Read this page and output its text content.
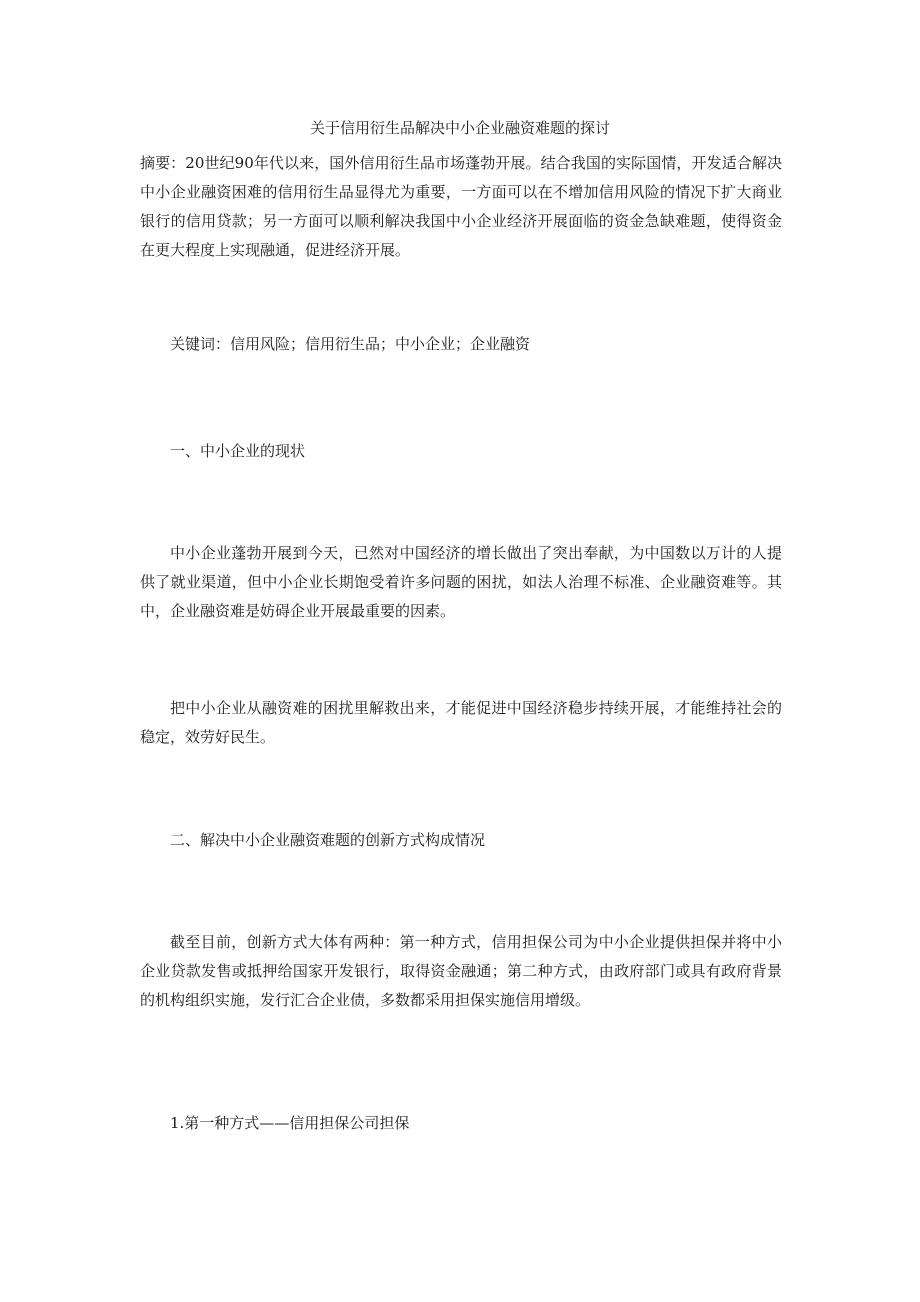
关于信用衍生品解决中小企业融资难题的探讨

摘要：20世纪90年代以来，国外信用衍生品市场蓬勃开展。结合我国的实际国情，开发适合解决中小企业融资困难的信用衍生品显得尤为重要，一方面可以在不增加信用风险的情况下扩大商业银行的信用贷款；另一方面可以顺利解决我国中小企业经济开展面临的资金急缺难题，使得资金在更大程度上实现融通，促进经济开展。

关键词：信用风险；信用衍生品；中小企业；企业融资

一、中小企业的现状

中小企业蓬勃开展到今天，已然对中国经济的增长做出了突出奉献，为中国数以万计的人提供了就业渠道，但中小企业长期饱受着许多问题的困扰，如法人治理不标准、企业融资难等。其中，企业融资难是妨碍企业开展最重要的因素。

把中小企业从融资难的困扰里解救出来，才能促进中国经济稳步持续开展，才能维持社会的稳定，效劳好民生。

二、解决中小企业融资难题的创新方式构成情况

截至目前，创新方式大体有两种：第一种方式，信用担保公司为中小企业提供担保并将中小企业贷款发售或抵押给国家开发银行，取得资金融通；第二种方式，由政府部门或具有政府背景的机构组织实施，发行汇合企业债，多数都采用担保实施信用增级。

1.第一种方式——信用担保公司担保
